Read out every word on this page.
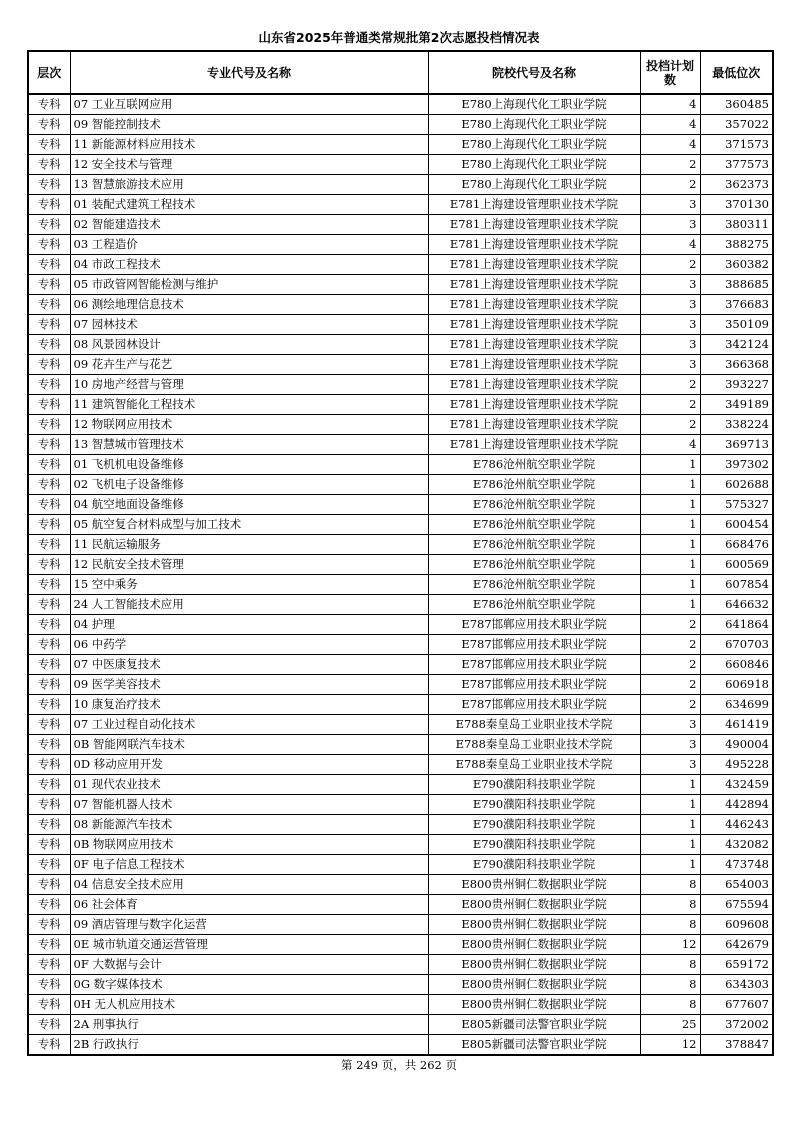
山东省2025年普通类常规批第2次志愿投档情况表
层次	专业代号及名称	院校代号及名称	投档计划数	最低位次
专科	07 工业互联网应用	E780上海现代化工职业学院	4	360485
专科	09 智能控制技术	E780上海现代化工职业学院	4	357022
专科	11 新能源材料应用技术	E780上海现代化工职业学院	4	371573
专科	12 安全技术与管理	E780上海现代化工职业学院	2	377573
专科	13 智慧旅游技术应用	E780上海现代化工职业学院	2	362373
专科	01 装配式建筑工程技术	E781上海建设管理职业技术学院	3	370130
专科	02 智能建造技术	E781上海建设管理职业技术学院	3	380311
专科	03 工程造价	E781上海建设管理职业技术学院	4	388275
专科	04 市政工程技术	E781上海建设管理职业技术学院	2	360382
专科	05 市政管网智能检测与维护	E781上海建设管理职业技术学院	3	388685
专科	06 测绘地理信息技术	E781上海建设管理职业技术学院	3	376683
专科	07 园林技术	E781上海建设管理职业技术学院	3	350109
专科	08 风景园林设计	E781上海建设管理职业技术学院	3	342124
专科	09 花卉生产与花艺	E781上海建设管理职业技术学院	3	366368
专科	10 房地产经营与管理	E781上海建设管理职业技术学院	2	393227
专科	11 建筑智能化工程技术	E781上海建设管理职业技术学院	2	349189
专科	12 物联网应用技术	E781上海建设管理职业技术学院	2	338224
专科	13 智慧城市管理技术	E781上海建设管理职业技术学院	4	369713
专科	01 飞机机电设备维修	E786沧州航空职业学院	1	397302
专科	02 飞机电子设备维修	E786沧州航空职业学院	1	602688
专科	04 航空地面设备维修	E786沧州航空职业学院	1	575327
专科	05 航空复合材料成型与加工技术	E786沧州航空职业学院	1	600454
专科	11 民航运输服务	E786沧州航空职业学院	1	668476
专科	12 民航安全技术管理	E786沧州航空职业学院	1	600569
专科	15 空中乘务	E786沧州航空职业学院	1	607854
专科	24 人工智能技术应用	E786沧州航空职业学院	1	646632
专科	04 护理	E787邯郸应用技术职业学院	2	641864
专科	06 中药学	E787邯郸应用技术职业学院	2	670703
专科	07 中医康复技术	E787邯郸应用技术职业学院	2	660846
专科	09 医学美容技术	E787邯郸应用技术职业学院	2	606918
专科	10 康复治疗技术	E787邯郸应用技术职业学院	2	634699
专科	07 工业过程自动化技术	E788秦皇岛工业职业技术学院	3	461419
专科	0B 智能网联汽车技术	E788秦皇岛工业职业技术学院	3	490004
专科	0D 移动应用开发	E788秦皇岛工业职业技术学院	3	495228
专科	01 现代农业技术	E790濮阳科技职业学院	1	432459
专科	07 智能机器人技术	E790濮阳科技职业学院	1	442894
专科	08 新能源汽车技术	E790濮阳科技职业学院	1	446243
专科	0B 物联网应用技术	E790濮阳科技职业学院	1	432082
专科	0F 电子信息工程技术	E790濮阳科技职业学院	1	473748
专科	04 信息安全技术应用	E800贵州铜仁数据职业学院	8	654003
专科	06 社会体育	E800贵州铜仁数据职业学院	8	675594
专科	09 酒店管理与数字化运营	E800贵州铜仁数据职业学院	8	609608
专科	0E 城市轨道交通运营管理	E800贵州铜仁数据职业学院	12	642679
专科	0F 大数据与会计	E800贵州铜仁数据职业学院	8	659172
专科	0G 数字媒体技术	E800贵州铜仁数据职业学院	8	634303
专科	0H 无人机应用技术	E800贵州铜仁数据职业学院	8	677607
专科	2A 刑事执行	E805新疆司法警官职业学院	25	372002
专科	2B 行政执行	E805新疆司法警官职业学院	12	378847
第 249 页，共 262 页
